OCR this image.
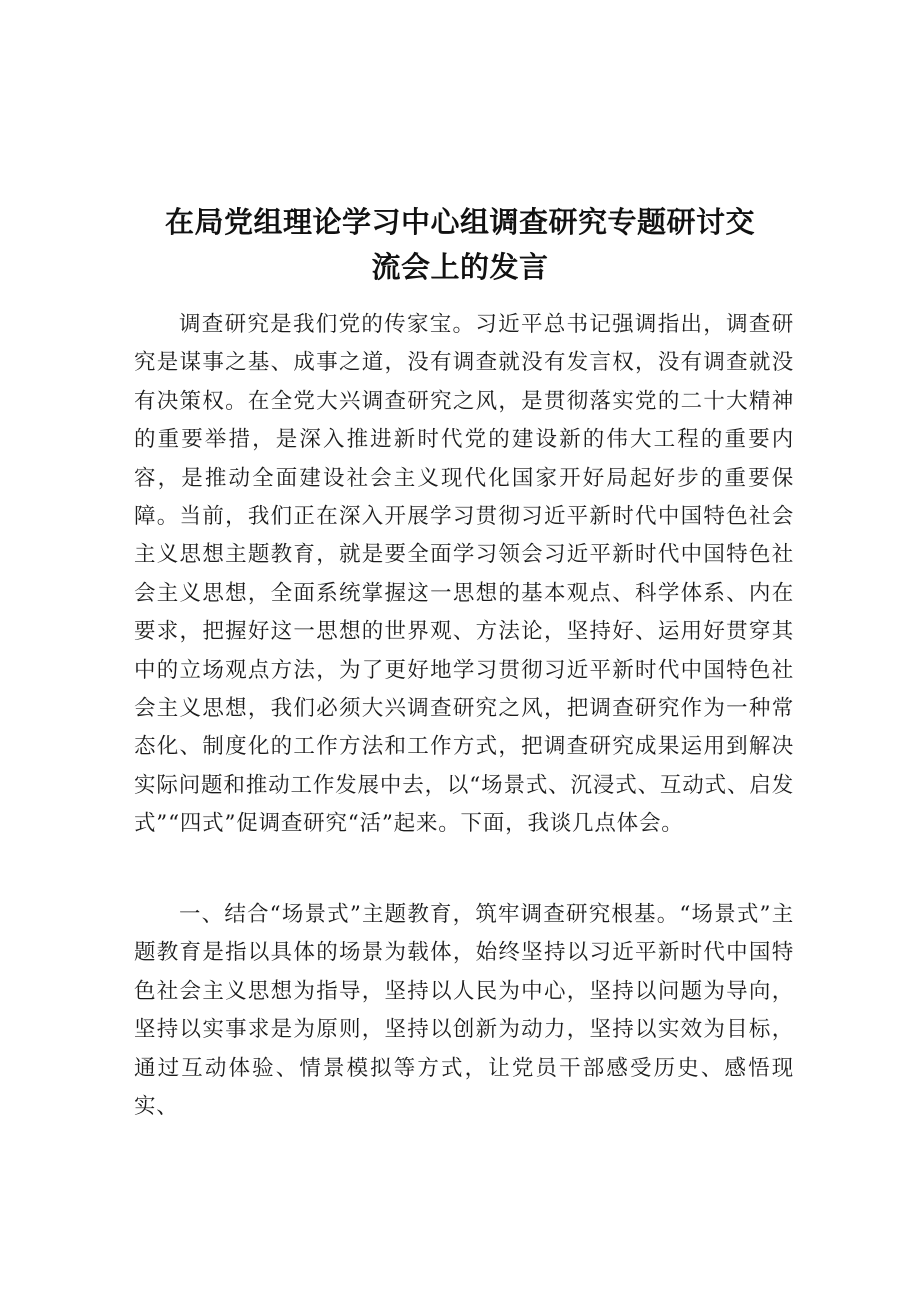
在局党组理论学习中心组调查研究专题研讨交
流会上的发言

调查研究是我们党的传家宝。习近平总书记强调指出，调查研究是谋事之基、成事之道，没有调查就没有发言权，没有调查就没有决策权。在全党大兴调查研究之风，是贯彻落实党的二十大精神的重要举措，是深入推进新时代党的建设新的伟大工程的重要内容，是推动全面建设社会主义现代化国家开好局起好步的重要保障。当前，我们正在深入开展学习贯彻习近平新时代中国特色社会主义思想主题教育，就是要全面学习领会习近平新时代中国特色社会主义思想，全面系统掌握这一思想的基本观点、科学体系、内在要求，把握好这一思想的世界观、方法论，坚持好、运用好贯穿其中的立场观点方法，为了更好地学习贯彻习近平新时代中国特色社会主义思想，我们必须大兴调查研究之风，把调查研究作为一种常态化、制度化的工作方法和工作方式，把调查研究成果运用到解决实际问题和推动工作发展中去，以“场景式、沉浸式、互动式、启发式”“四式”促调查研究“活”起来。下面，我谈几点体会。

一、结合“场景式”主题教育，筑牢调查研究根基。“场景式”主题教育是指以具体的场景为载体，始终坚持以习近平新时代中国特色社会主义思想为指导，坚持以人民为中心，坚持以问题为导向，坚持以实事求是为原则，坚持以创新为动力，坚持以实效为目标，通过互动体验、情景模拟等方式，让党员干部感受历史、感悟现实、
